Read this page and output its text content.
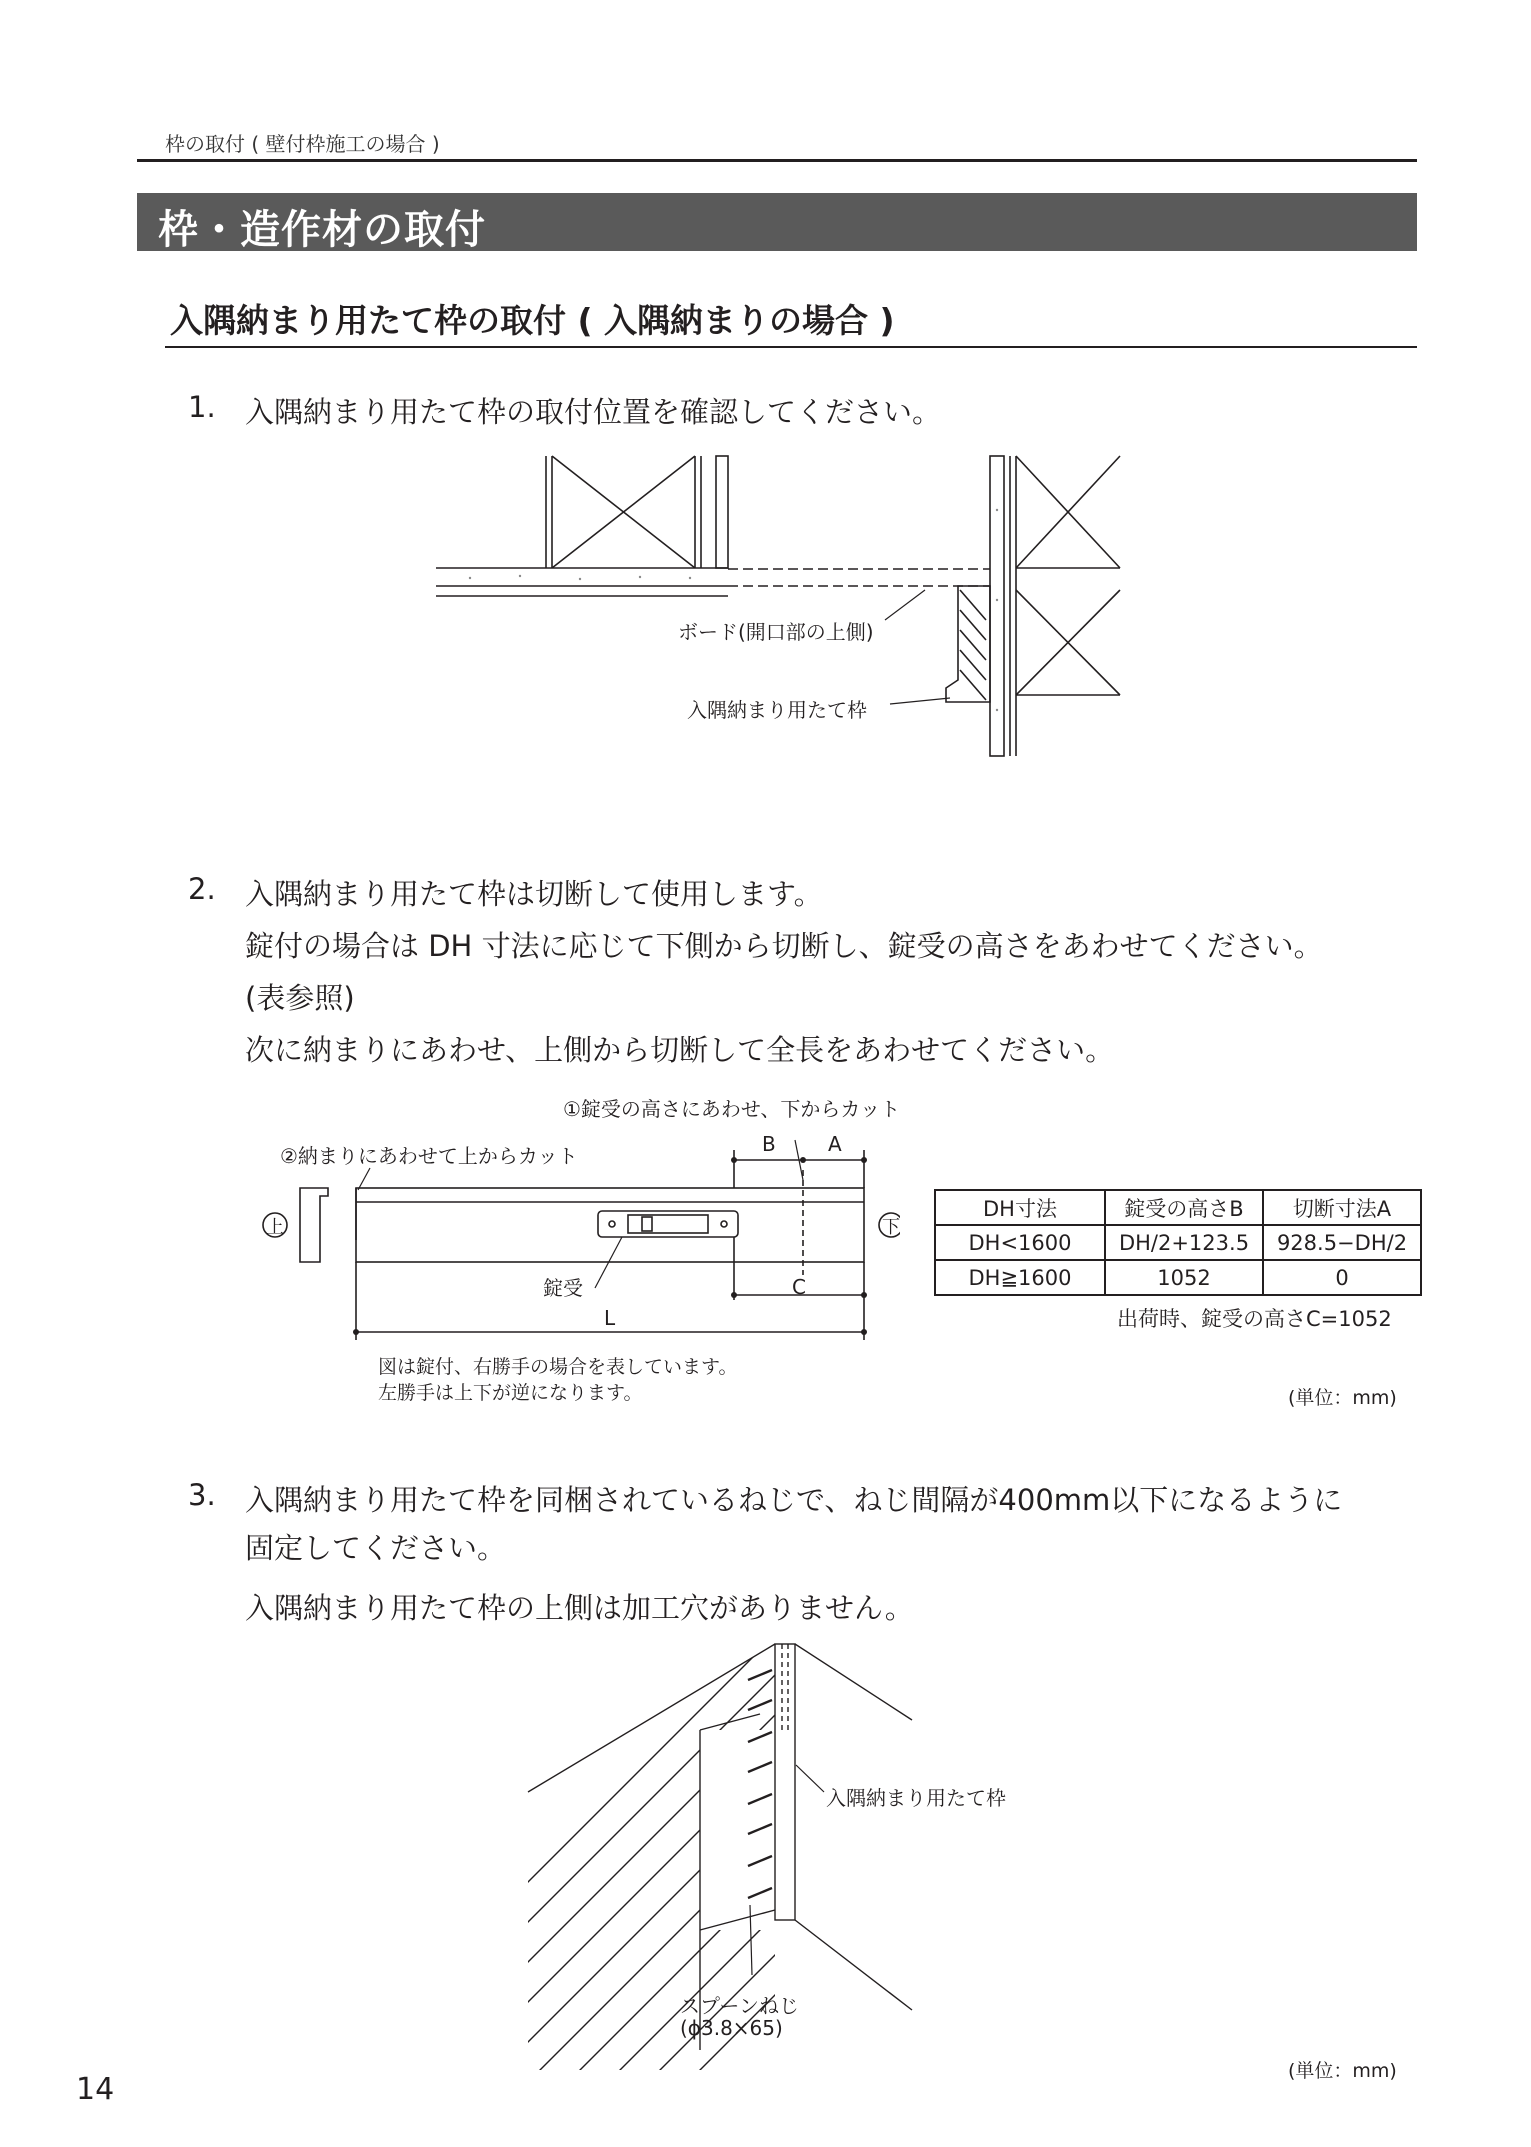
枠の取付 ( 壁付枠施工の場合 )
枠・造作材の取付
入隅納まり用たて枠の取付 ( 入隅納まりの場合 )
1. 入隅納まり用たて枠の取付位置を確認してください。
ボード(開口部の上側)
入隅納まり用たて枠
2. 入隅納まり用たて枠は切断して使用します。
錠付の場合は DH 寸法に応じて下側から切断し、錠受の高さをあわせてください。
(表参照)
次に納まりにあわせ、上側から切断して全長をあわせてください。
①錠受の高さにあわせ、下からカット
②納まりにあわせて上からカット
上	下
B	A
C
L
錠受
図は錠付、右勝手の場合を表しています。
左勝手は上下が逆になります。	(単位：mm)
DH寸法	錠受の高さB	切断寸法A
DH<1600	DH/2+123.5	928.5−DH/2
DH≧1600	1052	0
出荷時、錠受の高さC=1052
3. 入隅納まり用たて枠を同梱されているねじで、ねじ間隔が400mm以下になるように
固定してください。
入隅納まり用たて枠の上側は加工穴がありません。
入隅納まり用たて枠
スプーンねじ
(ϕ3.8×65)
(単位：mm)
14
